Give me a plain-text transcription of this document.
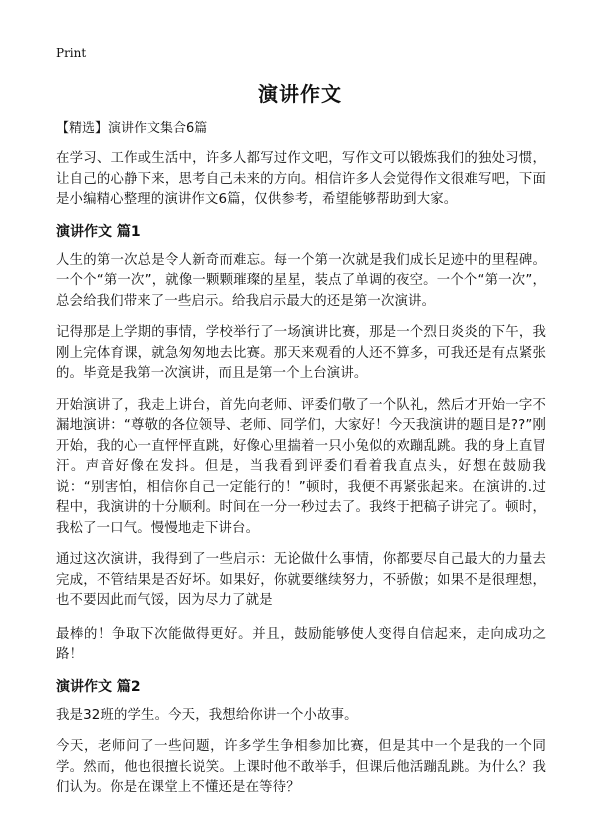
Print
演讲作文
【精选】演讲作文集合6篇

在学习、工作或生活中，许多人都写过作文吧，写作文可以锻炼我们的独处习惯，让自己的心静下来，思考自己未来的方向。相信许多人会觉得作文很难写吧，下面是小编精心整理的演讲作文6篇，仅供参考，希望能够帮助到大家。

演讲作文 篇1

人生的第一次总是令人新奇而难忘。每一个第一次就是我们成长足迹中的里程碑。一个个“第一次”，就像一颗颗璀璨的星星，装点了单调的夜空。一个个“第一次”，总会给我们带来了一些启示。给我启示最大的还是第一次演讲。

记得那是上学期的事情，学校举行了一场演讲比赛，那是一个烈日炎炎的下午，我刚上完体育课，就急匆匆地去比赛。那天来观看的人还不算多，可我还是有点紧张的。毕竟是我第一次演讲，而且是第一个上台演讲。

开始演讲了，我走上讲台，首先向老师、评委们敬了一个队礼，然后才开始一字不漏地演讲：“尊敬的各位领导、老师、同学们，大家好！今天我演讲的题目是??”刚开始，我的心一直怦怦直跳，好像心里揣着一只小兔似的欢蹦乱跳。我的身上直冒汗。声音好像在发抖。但是，当我看到评委们看着我直点头，好想在鼓励我说：“别害怕，相信你自己一定能行的！”顿时，我便不再紧张起来。在演讲的.过程中，我演讲的十分顺利。时间在一分一秒过去了。我终于把稿子讲完了。顿时，我松了一口气。慢慢地走下讲台。

通过这次演讲，我得到了一些启示：无论做什么事情，你都要尽自己最大的力量去完成，不管结果是否好坏。如果好，你就要继续努力，不骄傲；如果不是很理想，也不要因此而气馁，因为尽力了就是

最棒的！争取下次能做得更好。并且，鼓励能够使人变得自信起来，走向成功之路！

演讲作文 篇2

我是32班的学生。今天，我想给你讲一个小故事。

今天，老师问了一些问题，许多学生争相参加比赛，但是其中一个是我的一个同学。然而，他也很擅长说笑。上课时他不敢举手，但课后他活蹦乱跳。为什么？我们认为。你是在课堂上不懂还是在等待？
